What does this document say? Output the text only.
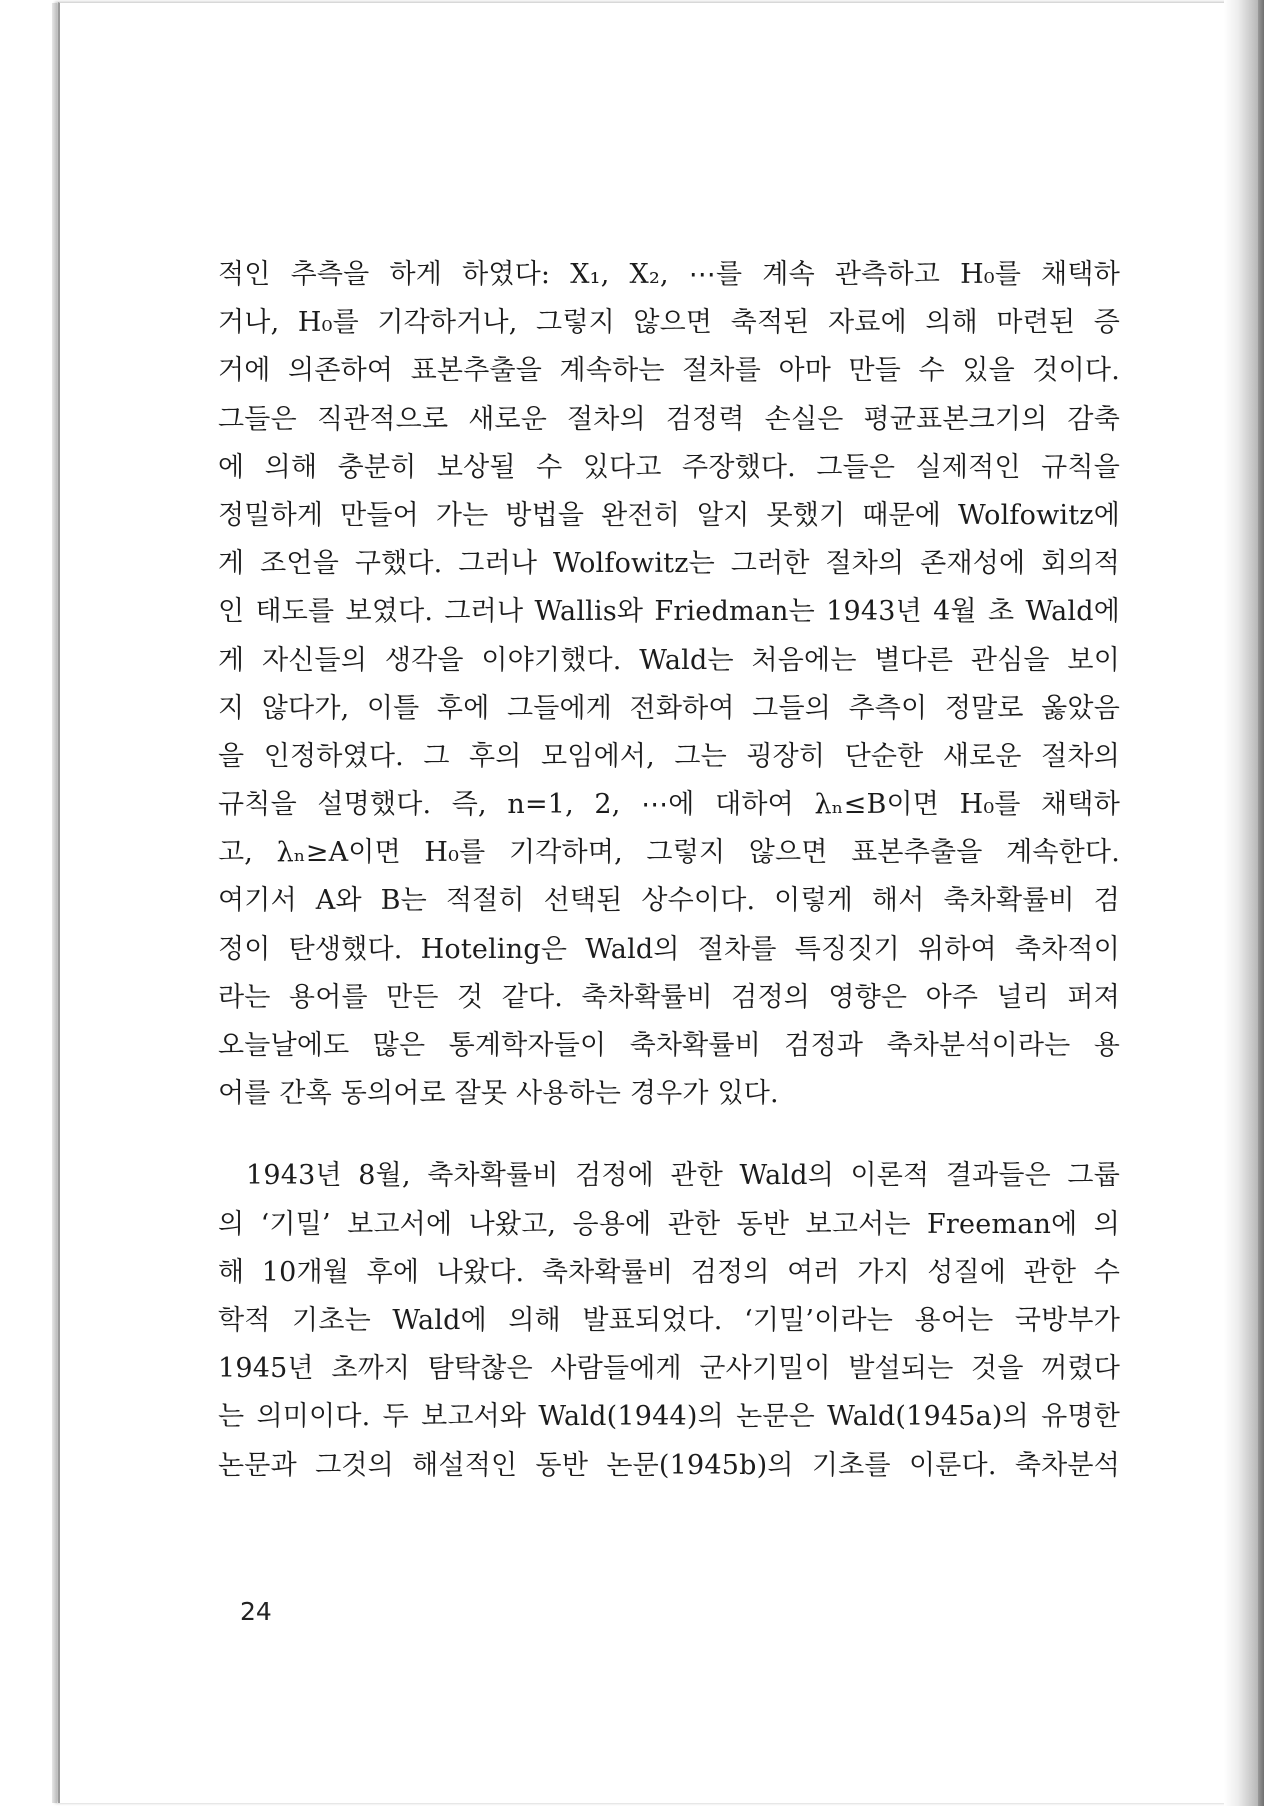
적인 추측을 하게 하였다: X₁, X₂, ⋯를 계속 관측하고 H₀를 채택하
거나, H₀를 기각하거나, 그렇지 않으면 축적된 자료에 의해 마련된 증
거에 의존하여 표본추출을 계속하는 절차를 아마 만들 수 있을 것이다.
그들은 직관적으로 새로운 절차의 검정력 손실은 평균표본크기의 감축
에 의해 충분히 보상될 수 있다고 주장했다. 그들은 실제적인 규칙을
정밀하게 만들어 가는 방법을 완전히 알지 못했기 때문에 Wolfowitz에
게 조언을 구했다. 그러나 Wolfowitz는 그러한 절차의 존재성에 회의적
인 태도를 보였다. 그러나 Wallis와 Friedman는 1943년 4월 초 Wald에
게 자신들의 생각을 이야기했다. Wald는 처음에는 별다른 관심을 보이
지 않다가, 이틀 후에 그들에게 전화하여 그들의 추측이 정말로 옳았음
을 인정하였다. 그 후의 모임에서, 그는 굉장히 단순한 새로운 절차의
규칙을 설명했다. 즉, n=1, 2, ⋯에 대하여 λₙ≤B이면 H₀를 채택하
고, λₙ≥A이면 H₀를 기각하며, 그렇지 않으면 표본추출을 계속한다.
여기서 A와 B는 적절히 선택된 상수이다. 이렇게 해서 축차확률비 검
정이 탄생했다. Hoteling은 Wald의 절차를 특징짓기 위하여 축차적이
라는 용어를 만든 것 같다. 축차확률비 검정의 영향은 아주 널리 퍼져
오늘날에도 많은 통계학자들이 축차확률비 검정과 축차분석이라는 용
어를 간혹 동의어로 잘못 사용하는 경우가 있다.
1943년 8월, 축차확률비 검정에 관한 Wald의 이론적 결과들은 그룹
의 ‘기밀’ 보고서에 나왔고, 응용에 관한 동반 보고서는 Freeman에 의
해 10개월 후에 나왔다. 축차확률비 검정의 여러 가지 성질에 관한 수
학적 기초는 Wald에 의해 발표되었다. ‘기밀’이라는 용어는 국방부가
1945년 초까지 탐탁찮은 사람들에게 군사기밀이 발설되는 것을 꺼렸다
는 의미이다. 두 보고서와 Wald(1944)의 논문은 Wald(1945a)의 유명한
논문과 그것의 해설적인 동반 논문(1945b)의 기초를 이룬다. 축차분석
24
